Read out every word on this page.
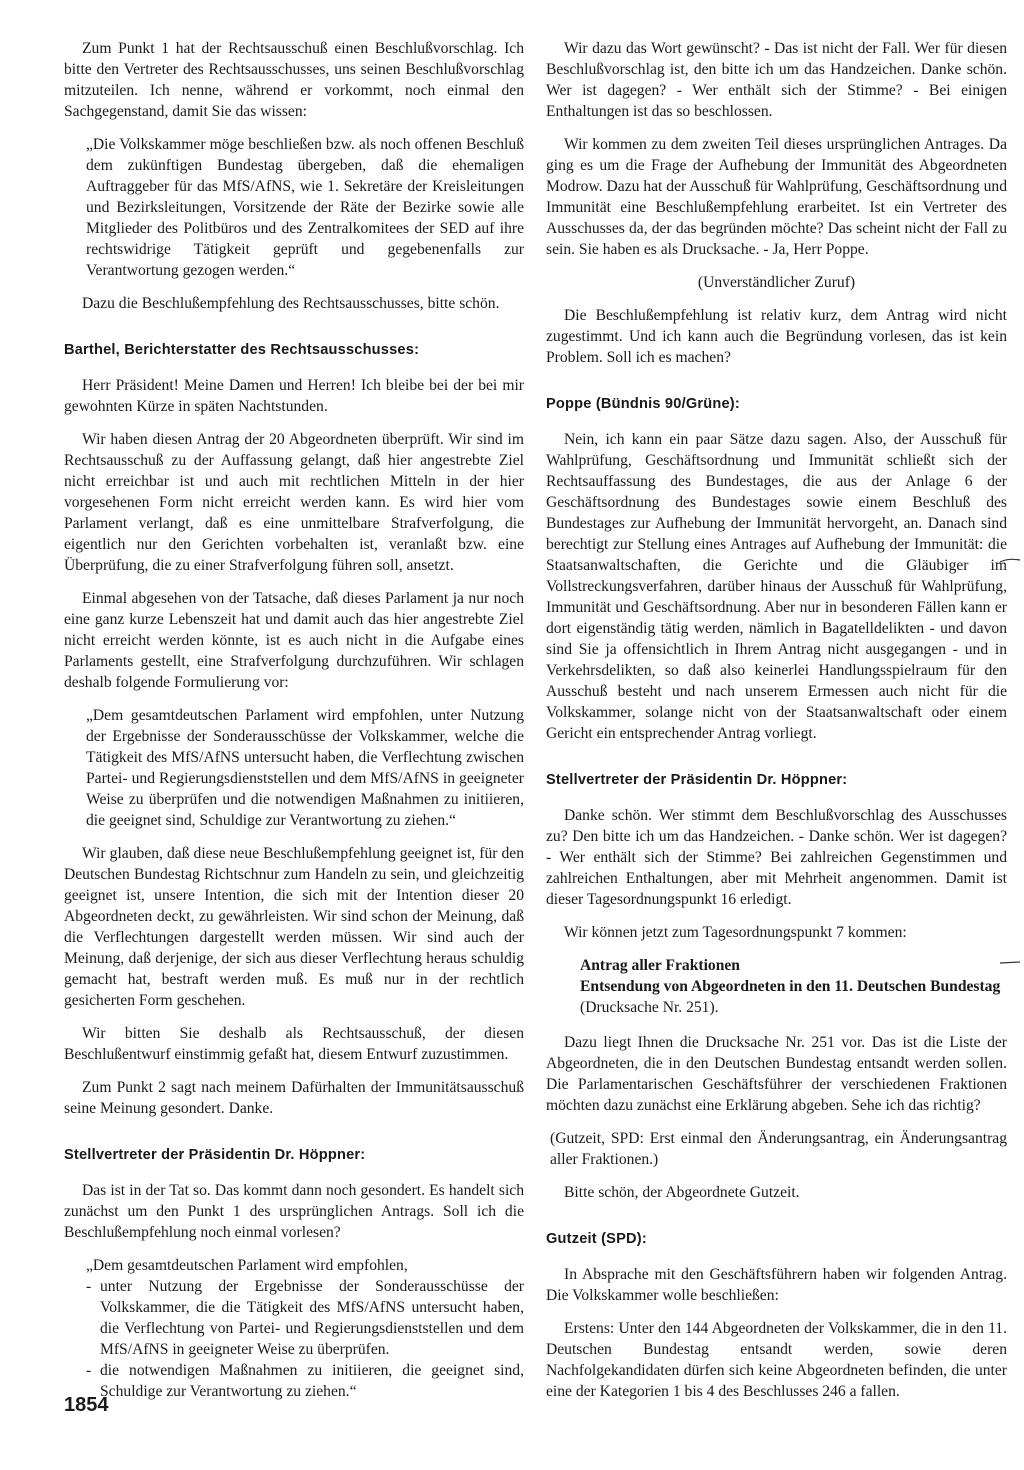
Zum Punkt 1 hat der Rechtsausschuß einen Beschlußvorschlag. Ich bitte den Vertreter des Rechtsausschusses, uns seinen Beschlußvorschlag mitzuteilen. Ich nenne, während er vorkommt, noch einmal den Sachgegenstand, damit Sie das wissen:

„Die Volkskammer möge beschließen bzw. als noch offenen Beschluß dem zukünftigen Bundestag übergeben, daß die ehemaligen Auftraggeber für das MfS/AfNS, wie 1. Sekretäre der Kreisleitungen und Bezirksleitungen, Vorsitzende der Räte der Bezirke sowie alle Mitglieder des Politbüros und des Zentralkomitees der SED auf ihre rechtswidrige Tätigkeit geprüft und gegebenenfalls zur Verantwortung gezogen werden.“

Dazu die Beschlußempfehlung des Rechtsausschusses, bitte schön.

Barthel, Berichterstatter des Rechtsausschusses:

Herr Präsident! Meine Damen und Herren! Ich bleibe bei der bei mir gewohnten Kürze in späten Nachtstunden.

Wir haben diesen Antrag der 20 Abgeordneten überprüft. Wir sind im Rechtsausschuß zu der Auffassung gelangt, daß hier angestrebte Ziel nicht erreichbar ist und auch mit rechtlichen Mitteln in der hier vorgesehenen Form nicht erreicht werden kann. Es wird hier vom Parlament verlangt, daß es eine unmittelbare Strafverfolgung, die eigentlich nur den Gerichten vorbehalten ist, veranlaßt bzw. eine Überprüfung, die zu einer Strafverfolgung führen soll, ansetzt.

Einmal abgesehen von der Tatsache, daß dieses Parlament ja nur noch eine ganz kurze Lebenszeit hat und damit auch das hier angestrebte Ziel nicht erreicht werden könnte, ist es auch nicht in die Aufgabe eines Parlaments gestellt, eine Strafverfolgung durchzuführen. Wir schlagen deshalb folgende Formulierung vor:

„Dem gesamtdeutschen Parlament wird empfohlen, unter Nutzung der Ergebnisse der Sonderausschüsse der Volkskammer, welche die Tätigkeit des MfS/AfNS untersucht haben, die Verflechtung zwischen Partei- und Regierungsdienststellen und dem MfS/AfNS in geeigneter Weise zu überprüfen und die notwendigen Maßnahmen zu initiieren, die geeignet sind, Schuldige zur Verantwortung zu ziehen.“

Wir glauben, daß diese neue Beschlußempfehlung geeignet ist, für den Deutschen Bundestag Richtschnur zum Handeln zu sein, und gleichzeitig geeignet ist, unsere Intention, die sich mit der Intention dieser 20 Abgeordneten deckt, zu gewährleisten. Wir sind schon der Meinung, daß die Verflechtungen dargestellt werden müssen. Wir sind auch der Meinung, daß derjenige, der sich aus dieser Verflechtung heraus schuldig gemacht hat, bestraft werden muß. Es muß nur in der rechtlich gesicherten Form geschehen.

Wir bitten Sie deshalb als Rechtsausschuß, der diesen Beschlußentwurf einstimmig gefaßt hat, diesem Entwurf zuzustimmen.

Zum Punkt 2 sagt nach meinem Dafürhalten der Immunitätsausschuß seine Meinung gesondert. Danke.

Stellvertreter der Präsidentin Dr. Höppner:

Das ist in der Tat so. Das kommt dann noch gesondert. Es handelt sich zunächst um den Punkt 1 des ursprünglichen Antrags. Soll ich die Beschlußempfehlung noch einmal vorlesen?

„Dem gesamtdeutschen Parlament wird empfohlen,
- unter Nutzung der Ergebnisse der Sonderausschüsse der Volkskammer, die die Tätigkeit des MfS/AfNS untersucht haben, die Verflechtung von Partei- und Regierungsdienststellen und dem MfS/AfNS in geeigneter Weise zu überprüfen.
- die notwendigen Maßnahmen zu initiieren, die geeignet sind, Schuldige zur Verantwortung zu ziehen.“

Wir dazu das Wort gewünscht? - Das ist nicht der Fall. Wer für diesen Beschlußvorschlag ist, den bitte ich um das Handzeichen. Danke schön. Wer ist dagegen? - Wer enthält sich der Stimme? - Bei einigen Enthaltungen ist das so beschlossen.

Wir kommen zu dem zweiten Teil dieses ursprünglichen Antrages. Da ging es um die Frage der Aufhebung der Immunität des Abgeordneten Modrow. Dazu hat der Ausschuß für Wahlprüfung, Geschäftsordnung und Immunität eine Beschlußempfehlung erarbeitet. Ist ein Vertreter des Ausschusses da, der das begründen möchte? Das scheint nicht der Fall zu sein. Sie haben es als Drucksache. - Ja, Herr Poppe.

(Unverständlicher Zuruf)

Die Beschlußempfehlung ist relativ kurz, dem Antrag wird nicht zugestimmt. Und ich kann auch die Begründung vorlesen, das ist kein Problem. Soll ich es machen?

Poppe (Bündnis 90/Grüne):

Nein, ich kann ein paar Sätze dazu sagen. Also, der Ausschuß für Wahlprüfung, Geschäftsordnung und Immunität schließt sich der Rechtsauffassung des Bundestages, die aus der Anlage 6 der Geschäftsordnung des Bundestages sowie einem Beschluß des Bundestages zur Aufhebung der Immunität hervorgeht, an. Danach sind berechtigt zur Stellung eines Antrages auf Aufhebung der Immunität: die Staatsanwaltschaften, die Gerichte und die Gläubiger im Vollstreckungsverfahren, darüber hinaus der Ausschuß für Wahlprüfung, Immunität und Geschäftsordnung. Aber nur in besonderen Fällen kann er dort eigenständig tätig werden, nämlich in Bagatelldelikten - und davon sind Sie ja offensichtlich in Ihrem Antrag nicht ausgegangen - und in Verkehrsdelikten, so daß also keinerlei Handlungsspielraum für den Ausschuß besteht und nach unserem Ermessen auch nicht für die Volkskammer, solange nicht von der Staatsanwaltschaft oder einem Gericht ein entsprechender Antrag vorliegt.

Stellvertreter der Präsidentin Dr. Höppner:

Danke schön. Wer stimmt dem Beschlußvorschlag des Ausschusses zu? Den bitte ich um das Handzeichen. - Danke schön. Wer ist dagegen? - Wer enthält sich der Stimme? Bei zahlreichen Gegenstimmen und zahlreichen Enthaltungen, aber mit Mehrheit angenommen. Damit ist dieser Tagesordnungspunkt 16 erledigt.

Wir können jetzt zum Tagesordnungspunkt 7 kommen:

Antrag aller Fraktionen
Entsendung von Abgeordneten in den 11. Deutschen Bundestag
(Drucksache Nr. 251).

Dazu liegt Ihnen die Drucksache Nr. 251 vor. Das ist die Liste der Abgeordneten, die in den Deutschen Bundestag entsandt werden sollen. Die Parlamentarischen Geschäftsführer der verschiedenen Fraktionen möchten dazu zunächst eine Erklärung abgeben. Sehe ich das richtig?

(Gutzeit, SPD: Erst einmal den Änderungsantrag, ein Änderungsantrag aller Fraktionen.)

Bitte schön, der Abgeordnete Gutzeit.

Gutzeit (SPD):

In Absprache mit den Geschäftsführern haben wir folgenden Antrag. Die Volkskammer wolle beschließen:

Erstens: Unter den 144 Abgeordneten der Volkskammer, die in den 11. Deutschen Bundestag entsandt werden, sowie deren Nachfolgekandidaten dürfen sich keine Abgeordneten befinden, die unter eine der Kategorien 1 bis 4 des Beschlusses 246 a fallen.

1854
